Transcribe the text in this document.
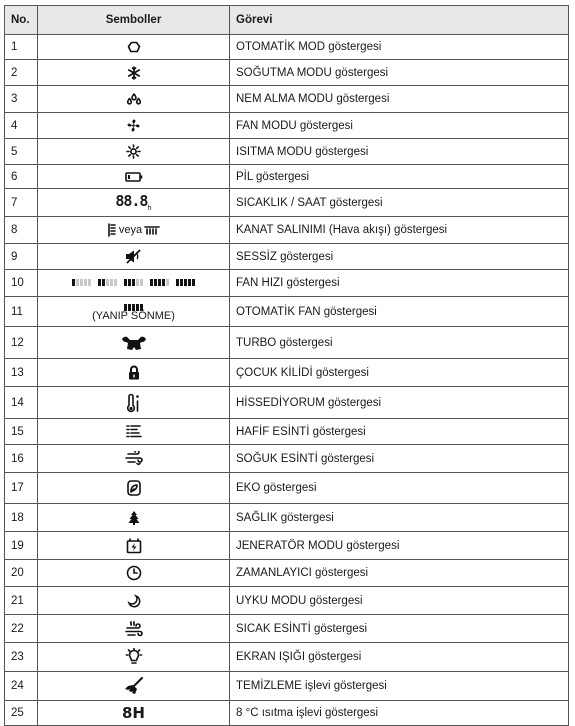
No.	Semboller	Görevi
1		OTOMATİK MOD göstergesi
2		SOĞUTMA MODU göstergesi
3		NEM ALMA MODU göstergesi
4		FAN MODU göstergesi
5		ISITMA MODU göstergesi
6		PİL göstergesi
7	$88.8_h$	SICAKLIK / SAAT göstergesi
8	veya	KANAT SALINIMI (Hava akışı) göstergesi
9		SESSİZ göstergesi
10		FAN HIZI göstergesi
11	(YANIP SÖNME)	OTOMATİK FAN göstergesi
12		TURBO göstergesi
13		ÇOCUK KİLİDİ göstergesi
14		HİSSEDİYORUM göstergesi
15		HAFİF ESİNTİ göstergesi
16		SOĞUK ESİNTİ göstergesi
17		EKO göstergesi
18		SAĞLIK göstergesi
19		JENERATÖR MODU göstergesi
20		ZAMANLAYICI göstergesi
21		UYKU MODU göstergesi
22		SICAK ESİNTİ göstergesi
23		EKRAN IŞIĞI göstergesi
24		TEMİZLEME işlevi göstergesi
25	8H	8 °C ısıtma işlevi göstergesi
